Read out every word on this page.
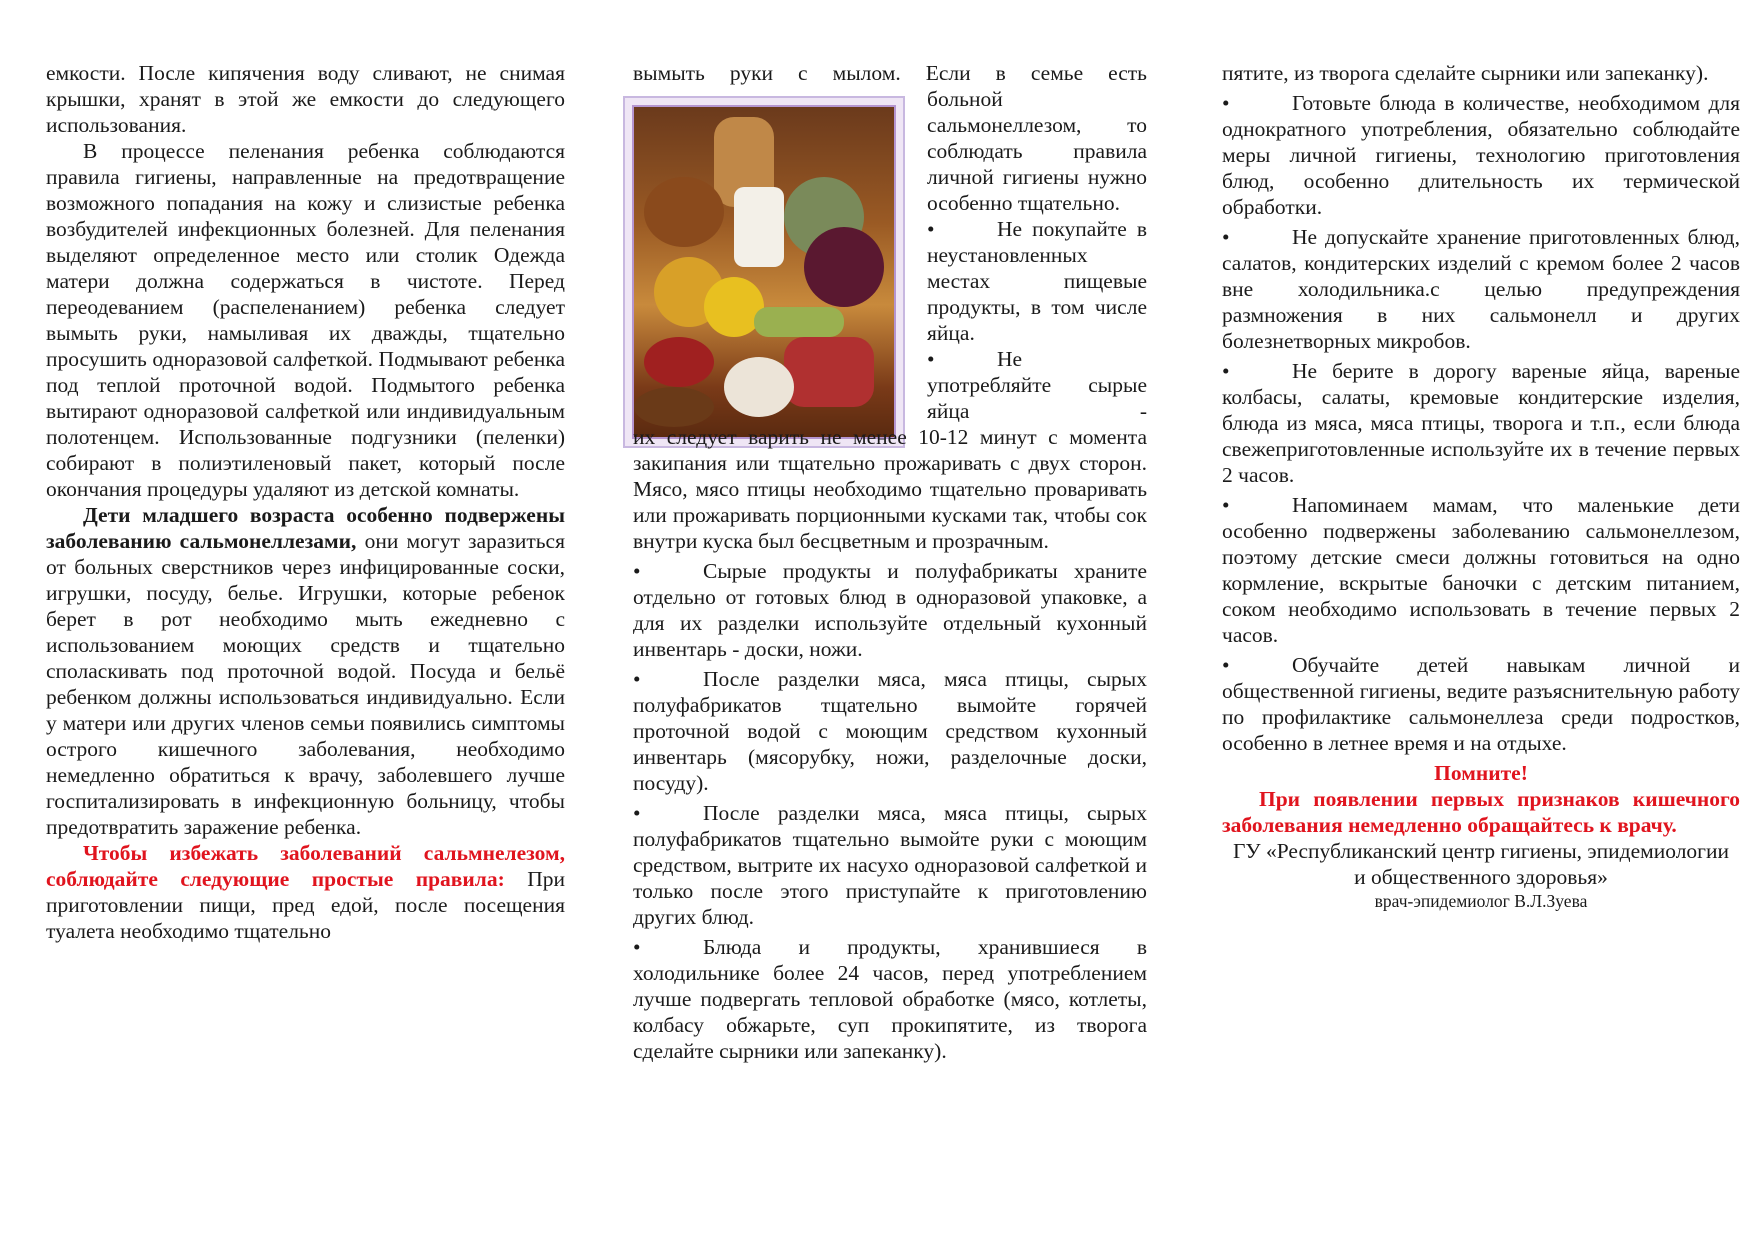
емкости. После кипячения воду сливают, не снимая крышки, хранят в этой же емкости до следующего использования.

В процессе пеленания ребенка соблюдаются правила гигиены, направленные на предотвращение возможного попадания на кожу и слизистые ребенка возбудителей инфекционных болезней. Для пеленания выделяют определенное место или столик Одежда матери должна содержаться в чистоте. Перед переодеванием (распеленанием) ребенка следует вымыть руки, намыливая их дважды, тщательно просушить одноразовой салфеткой. Подмывают ребенка под теплой проточной водой. Подмытого ребенка вытирают одноразовой салфеткой или индивидуальным полотенцем. Использованные подгузники (пеленки) собирают в полиэтиленовый пакет, который после окончания процедуры удаляют из детской комнаты.

Дети младшего возраста особенно подвержены заболеванию сальмонеллезами, они могут заразиться от больных сверстников через инфицированные соски, игрушки, посуду, белье. Игрушки, которые ребенок берет в рот необходимо мыть ежедневно с использованием моющих средств и тщательно споласкивать под проточной водой. Посуда и бельё ребенком должны использоваться индивидуально. Если у матери или других членов семьи появились симптомы острого кишечного заболевания, необходимо немедленно обратиться к врачу, заболевшего лучше госпитализировать в инфекционную больницу, чтобы предотвратить заражение ребенка.

Чтобы избежать заболеваний сальмнелезом, соблюдайте следующие простые правила: При приготовлении пищи, пред едой, после посещения туалета необходимо тщательно

вымыть руки с мылом. Если в семье есть

больной сальмонеллезом, то соблюдать правила личной гигиены нужно особенно тщательно.

•	Не покупайте в неустановленных местах пищевые продукты, в том числе яйца.

•	Не употребляйте сырые яйца -

их следует варить не менее 10-12 минут с момента закипания или тщательно прожаривать с двух сторон. Мясо, мясо птицы необходимо тщательно проваривать или прожаривать порционными кусками так, чтобы сок внутри куска был бесцветным и прозрачным.

•	Сырые продукты и полуфабрикаты храните отдельно от готовых блюд в одноразовой упаковке, а для их разделки используйте отдельный кухонный инвентарь - доски, ножи.

•	После разделки мяса, мяса птицы, сырых полуфабрикатов тщательно вымойте горячей проточной водой с моющим средством кухонный инвентарь (мясорубку, ножи, разделочные доски, посуду).

•	После разделки мяса, мяса птицы, сырых полуфабрикатов тщательно вымойте руки с моющим средством, вытрите их насухо одноразовой салфеткой и только после этого приступайте к приготовлению других блюд.

•	Блюда и продукты, хранившиеся в холодильнике более 24 часов, перед употреблением лучше подвергать тепловой обработке (мясо, котлеты, колбасу обжарьте, суп прокипятите, из творога сделайте сырники или запеканку).

пятите, из творога сделайте сырники или запеканку).

•	Готовьте блюда в количестве, необходимом для однократного употребления, обязательно соблюдайте меры личной гигиены, технологию приготовления блюд, особенно длительность их термической обработки.

•	Не допускайте хранение приготовленных блюд, салатов, кондитерских изделий с кремом более 2 часов вне холодильника.с целью предупреждения размножения в них сальмонелл и других болезнетворных микробов.

•	Не берите в дорогу вареные яйца, вареные колбасы, салаты, кремовые кондитерские изделия, блюда из мяса, мяса птицы, творога и т.п., если блюда свежеприготовленные используйте их в течение первых 2 часов.

•	Напоминаем мамам, что маленькие дети особенно подвержены заболеванию сальмонеллезом, поэтому детские смеси должны готовиться на одно кормление, вскрытые баночки с детским питанием, соком необходимо использовать в течение первых 2 часов.

•	Обучайте детей навыкам личной и общественной гигиены, ведите разъяснительную работу по профилактике сальмонеллеза среди подростков, особенно в летнее время и на отдыхе.

Помните!

При появлении первых признаков кишечного заболевания немедленно обращайтесь к врачу.

ГУ «Республиканский центр гигиены, эпидемиологии и общественного здоровья»

врач-эпидемиолог В.Л.Зуева
